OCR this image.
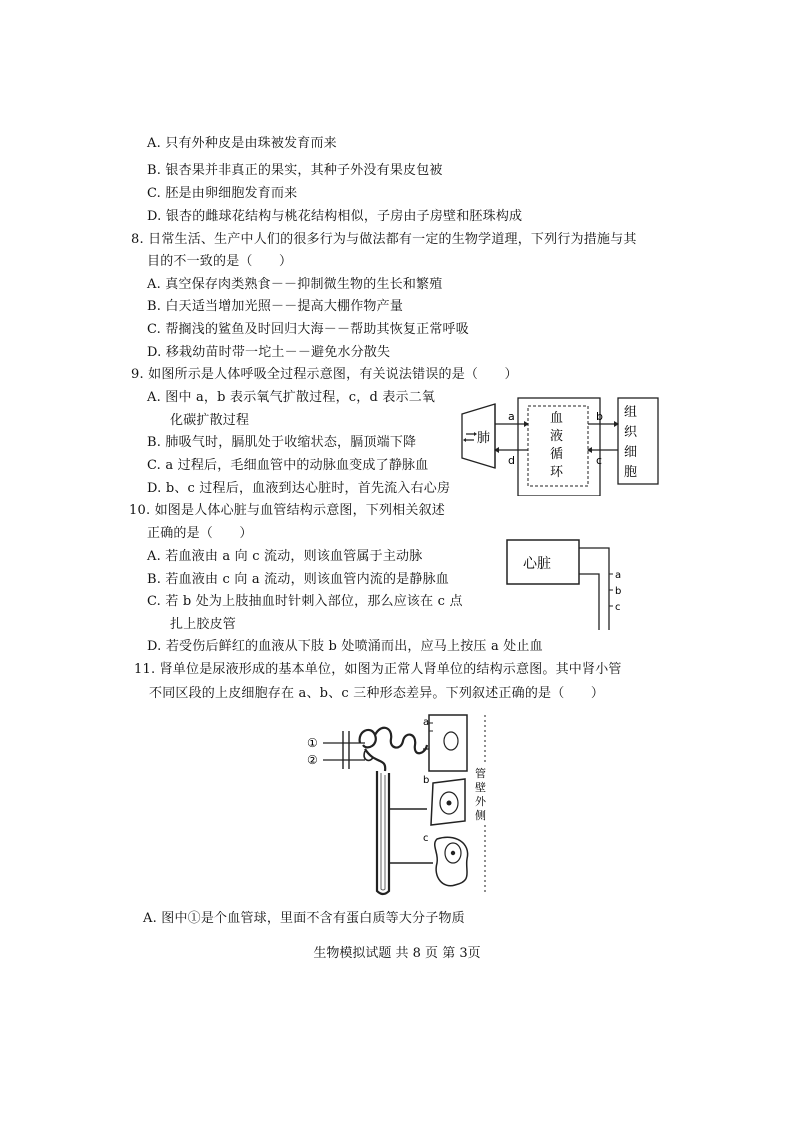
A. 只有外种皮是由珠被发育而来
B. 银杏果并非真正的果实，其种子外没有果皮包被
C. 胚是由卵细胞发育而来
D. 银杏的雌球花结构与桃花结构相似，子房由子房壁和胚珠构成
8. 日常生活、生产中人们的很多行为与做法都有一定的生物学道理，下列行为措施与其
目的不一致的是（　　）
A. 真空保存肉类熟食－－抑制微生物的生长和繁殖
B. 白天适当增加光照－－提高大棚作物产量
C. 帮搁浅的鲨鱼及时回归大海－－帮助其恢复正常呼吸
D. 移栽幼苗时带一坨土－－避免水分散失
9. 如图所示是人体呼吸全过程示意图，有关说法错误的是（　　）
A. 图中 a，b 表示氧气扩散过程，c，d 表示二氧
化碳扩散过程
B. 肺吸气时，膈肌处于收缩状态，膈顶端下降
C. a 过程后，毛细血管中的动脉血变成了静脉血
D. b、c 过程后，血液到达心脏时，首先流入右心房
肺
血
液
循
环
a
d
b
c
组
织
细
胞
10. 如图是人体心脏与血管结构示意图，下列相关叙述
正确的是（　　）
A. 若血液由 a 向 c 流动，则该血管属于主动脉
B. 若血液由 c 向 a 流动，则该血管内流的是静脉血
C. 若 b 处为上肢抽血时针刺入部位，那么应该在 c 点
扎上胶皮管
D. 若受伤后鲜红的血液从下肢 b 处喷涌而出，应马上按压 a 处止血
心脏
a
b
c
11. 肾单位是尿液形成的基本单位，如图为正常人肾单位的结构示意图。其中肾小管
不同区段的上皮细胞存在 a、b、c 三种形态差异。下列叙述正确的是（　　）
①
②
a
b
c
管
壁
外
侧
A. 图中①是个血管球，里面不含有蛋白质等大分子物质
生物模拟试题 共 8 页 第 3页
